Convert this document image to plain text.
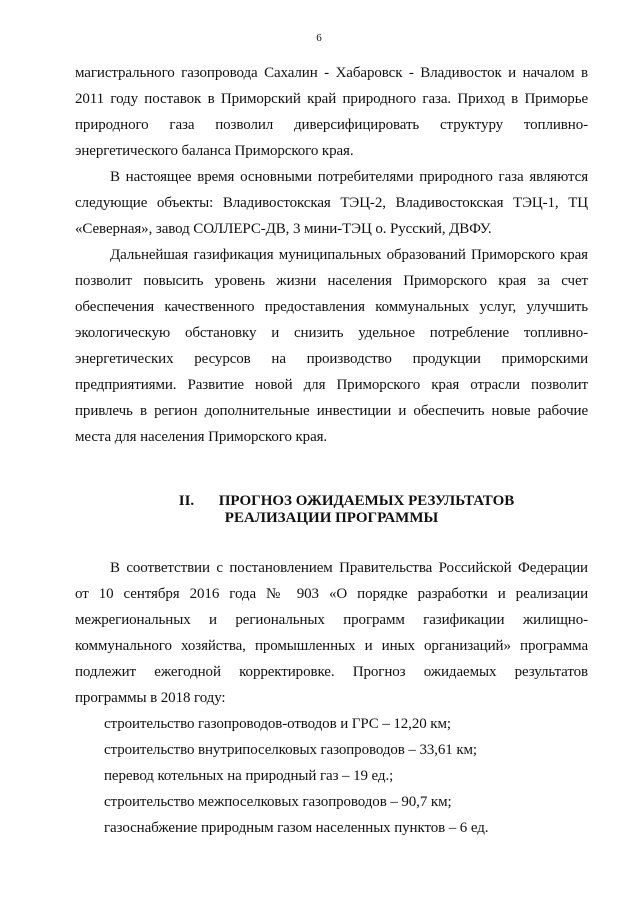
6

магистрального газопровода Сахалин - Хабаровск - Владивосток и началом в 2011 году поставок в Приморский край природного газа. Приход в Приморье природного газа позволил диверсифицировать структуру топливно-энергетического баланса Приморского края.

В настоящее время основными потребителями природного газа являются следующие объекты: Владивостокская ТЭЦ-2, Владивостокская ТЭЦ-1, ТЦ «Северная», завод СОЛЛЕРС-ДВ, 3 мини-ТЭЦ о. Русский, ДВФУ.

Дальнейшая газификация муниципальных образований Приморского края позволит повысить уровень жизни населения Приморского края за счет обеспечения качественного предоставления коммунальных услуг, улучшить экологическую обстановку и снизить удельное потребление топливно-энергетических ресурсов на производство продукции приморскими предприятиями. Развитие новой для Приморского края отрасли позволит привлечь в регион дополнительные инвестиции и обеспечить новые рабочие места для населения Приморского края.

II. ПРОГНОЗ ОЖИДАЕМЫХ РЕЗУЛЬТАТОВ
РЕАЛИЗАЦИИ ПРОГРАММЫ

В соответствии с постановлением Правительства Российской Федерации от 10 сентября 2016 года № 903 «О порядке разработки и реализации межрегиональных и региональных программ газификации жилищно-коммунального хозяйства, промышленных и иных организаций» программа подлежит ежегодной корректировке. Прогноз ожидаемых результатов программы в 2018 году:

строительство газопроводов-отводов и ГРС – 12,20 км;
строительство внутрипоселковых газопроводов – 33,61 км;
перевод котельных на природный газ – 19 ед.;
строительство межпоселковых газопроводов – 90,7 км;
газоснабжение природным газом населенных пунктов – 6 ед.
